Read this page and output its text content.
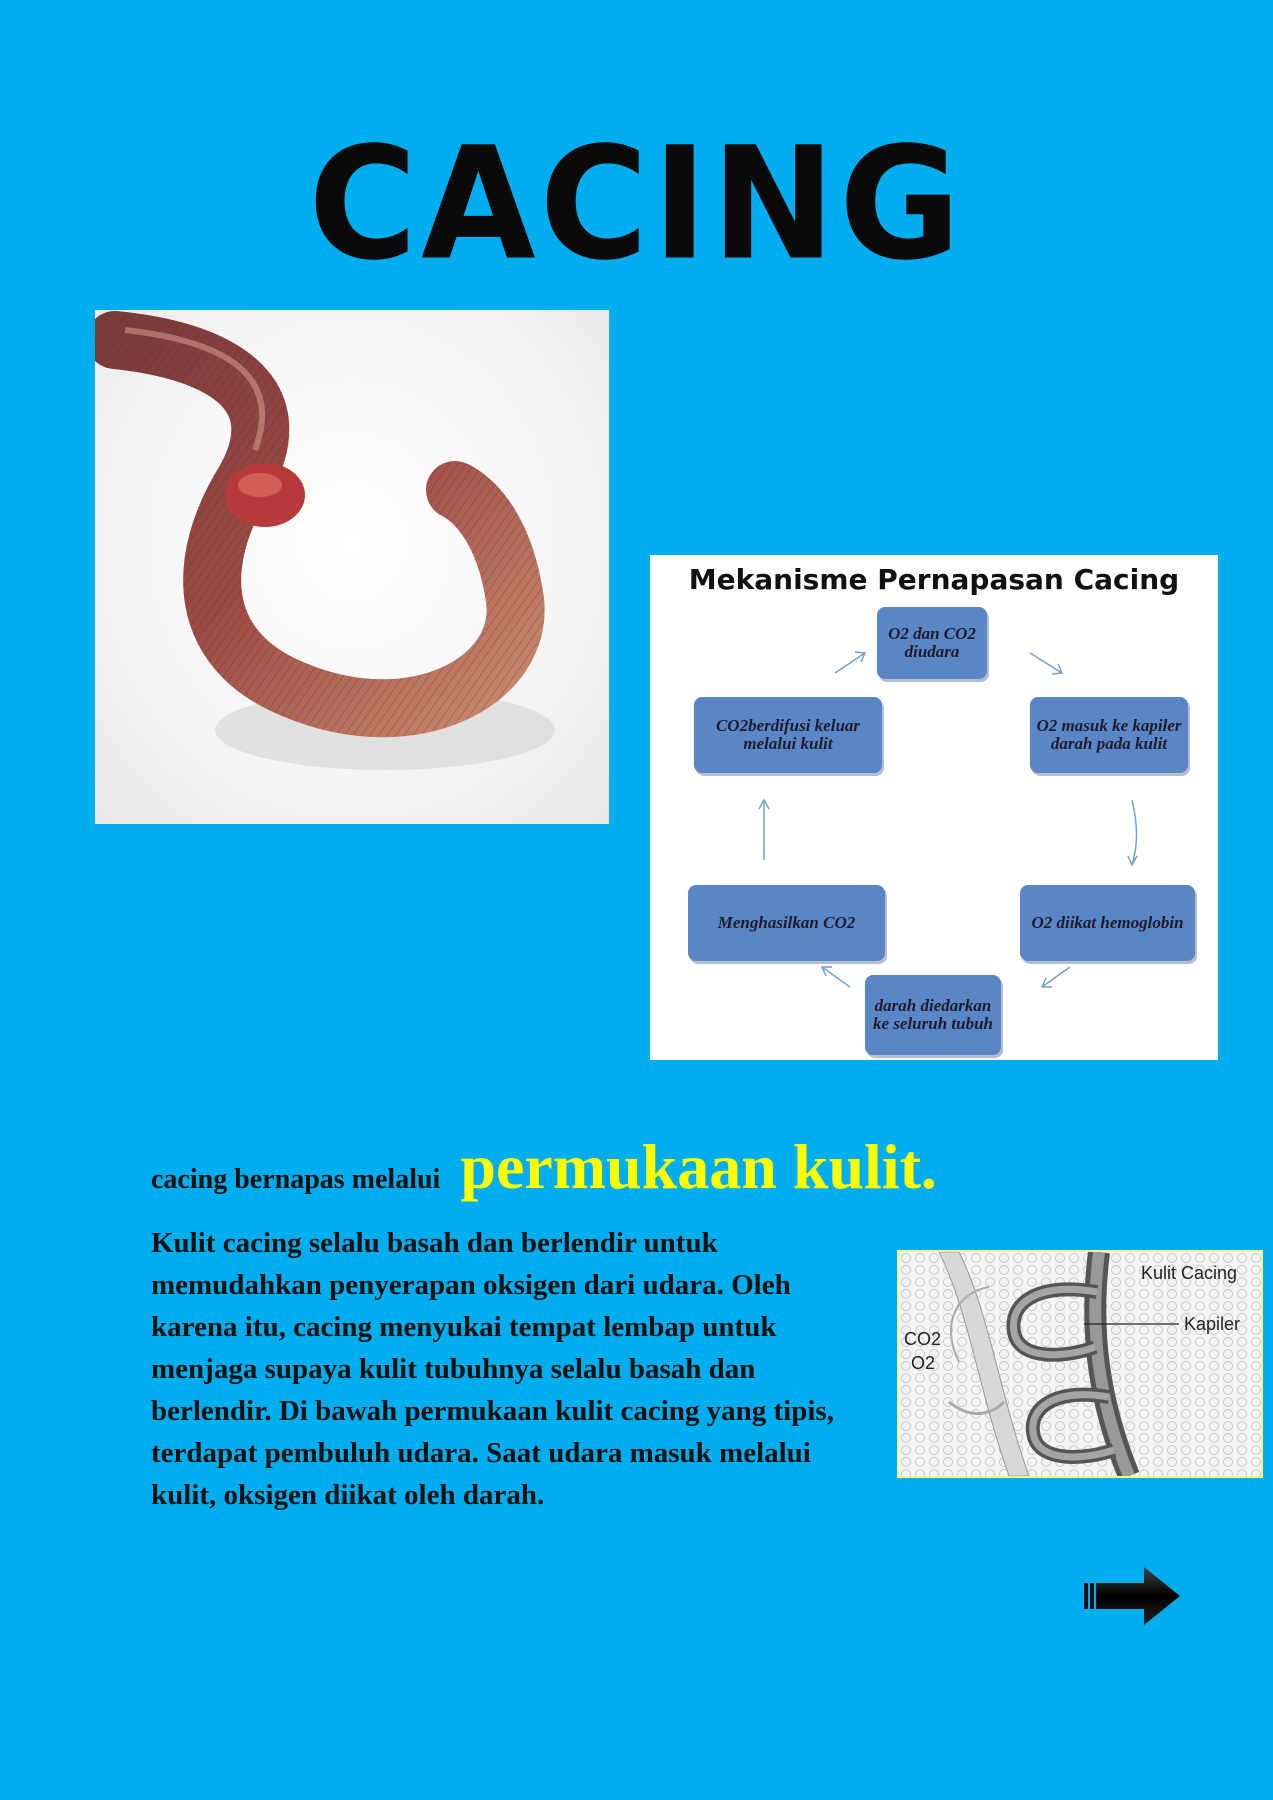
CACING
Mekanisme Pernapasan Cacing
O2 dan CO2 diudara
O2 masuk ke kapiler darah pada kulit
O2 diikat hemoglobin
darah diedarkan ke seluruh tubuh
Menghasilkan CO2
CO2berdifusi keluar melalui kulit
cacing bernapas melalui permukaan kulit.
Kulit Cacing
Kapiler
CO2
O2
Kulit cacing selalu basah dan berlendir untuk memudahkan penyerapan oksigen dari udara. Oleh karena itu, cacing menyukai tempat lembap untuk menjaga supaya kulit tubuhnya selalu basah dan berlendir. Di bawah permukaan kulit cacing yang tipis, terdapat pembuluh udara. Saat udara masuk melalui kulit, oksigen diikat oleh darah.
